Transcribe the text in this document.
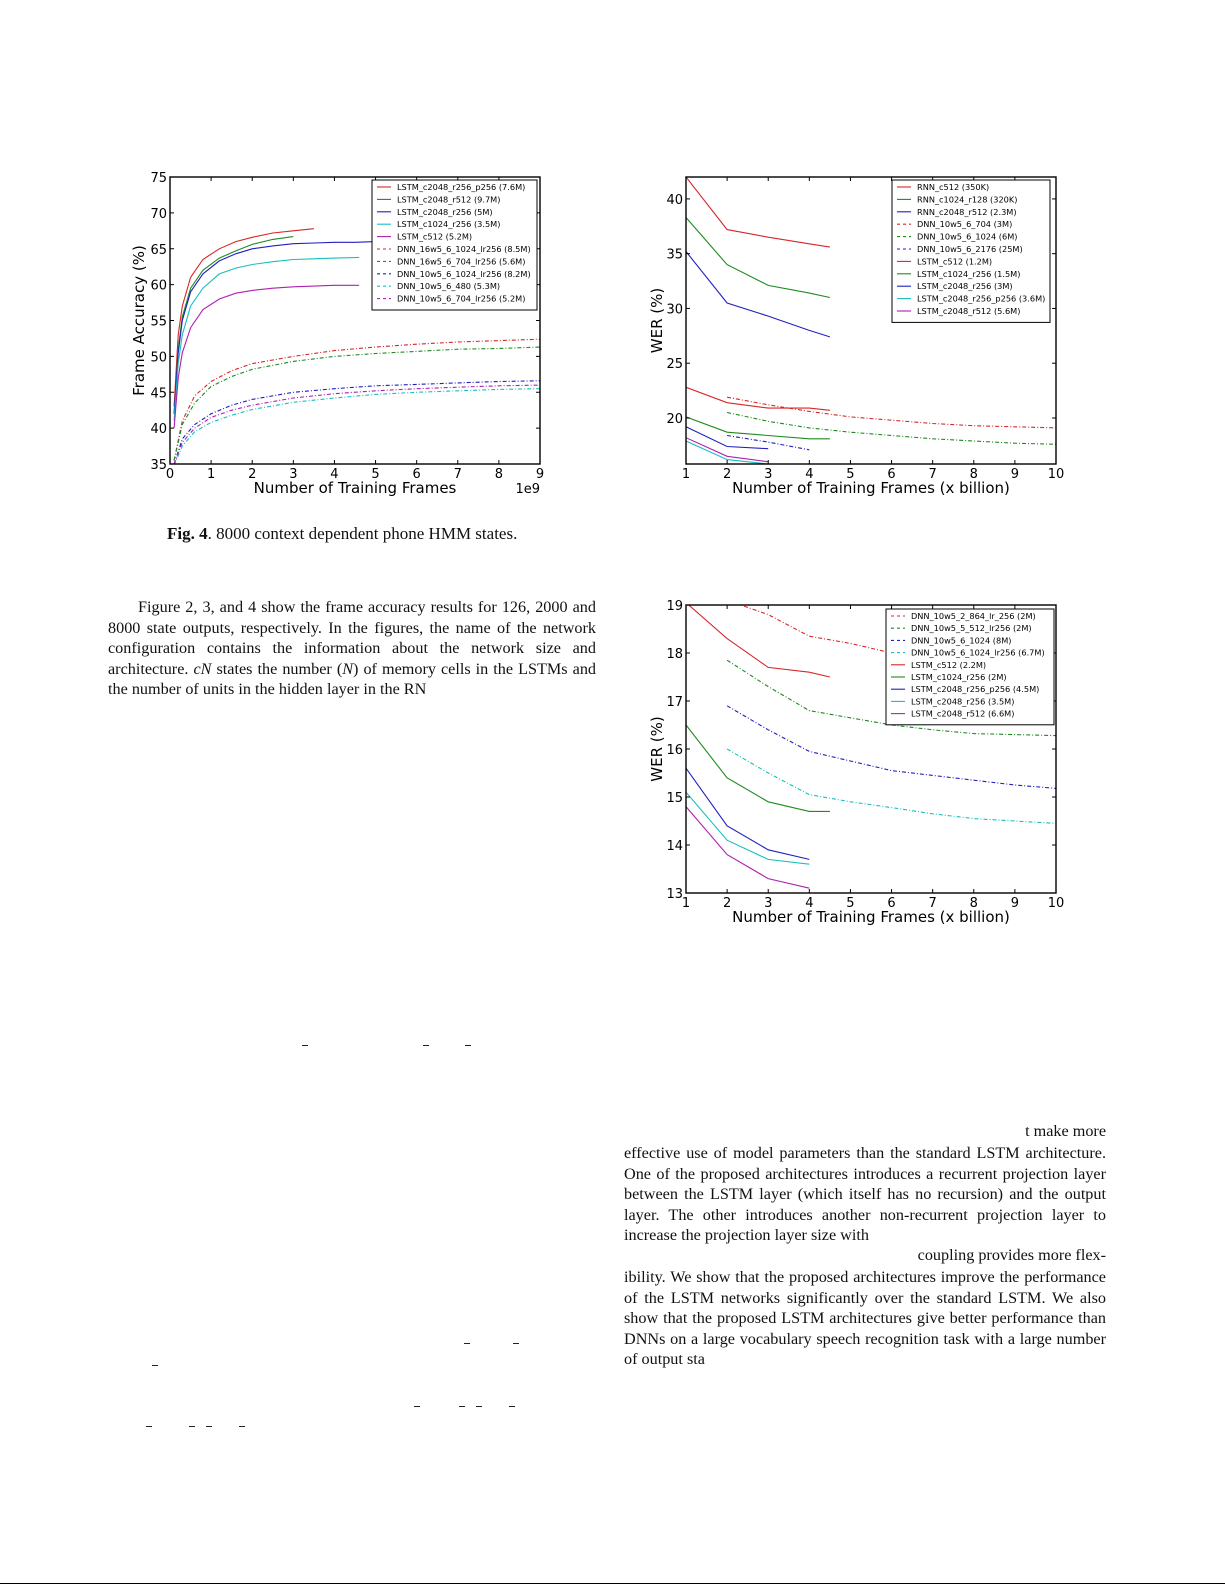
0	1	2	3	4	5	6	7	8	9
35
40
45
50
55
60
65
70
75
Number of Training Frames
Frame Accuracy (%)
1e9
LSTM_c2048_r256_p256 (7.6M)
LSTM_c2048_r512 (9.7M)
LSTM_c2048_r256 (5M)
LSTM_c1024_r256 (3.5M)
LSTM_c512 (5.2M)
DNN_16w5_6_1024_lr256 (8.5M)
DNN_16w5_6_704_lr256 (5.6M)
DNN_10w5_6_1024_lr256 (8.2M)
DNN_10w5_6_480 (5.3M)
DNN_10w5_6_704_lr256 (5.2M)
1	2	3	4	5	6	7	8	9 10
20
25
30
35
40
Number of Training Frames (x billion)
WER (%)
RNN_c512 (350K)
RNN_c1024_r128 (320K)
RNN_c2048_r512 (2.3M)
DNN_10w5_6_704 (3M)
DNN_10w5_6_1024 (6M)
DNN_10w5_6_2176 (25M)
LSTM_c512 (1.2M)
LSTM_c1024_r256 (1.5M)
LSTM_c2048_r256 (3M)
LSTM_c2048_r256_p256 (3.6M)
LSTM_c2048_r512 (5.6M)
Fig. 4. 8000 context dependent phone HMM states.
1	2	3	4	5	6	7	8	9 10
13
14
15
16
17
18
19
Number of Training Frames (x billion)
WER (%)
DNN_10w5_2_864_lr_256 (2M)
DNN_10w5_5_512_lr256 (2M)
DNN_10w5_6_1024 (8M)
DNN_10w5_6_1024_lr256 (6.7M)
LSTM_c512 (2.2M)
LSTM_c1024_r256 (2M)
LSTM_c2048_r256_p256 (4.5M)
LSTM_c2048_r256 (3.5M)
LSTM_c2048_r512 (6.6M)

Figure 2, 3, and 4 show the frame accuracy results for 126, 2000 and 8000 state outputs, respectively. In the figures, the name of the network configuration contains the information about the network size and architecture. cN states the number (N) of memory cells in the LSTMs and the number of units in the hidden layer in the RN

t make more

effective use of model parameters than the standard LSTM architecture. One of the proposed architectures introduces a recurrent projection layer between the LSTM layer (which itself has no recursion) and the output layer. The other introduces another non-recurrent projection layer to increase the projection layer size with

coupling provides more flex-

ibility. We show that the proposed architectures improve the performance of the LSTM networks significantly over the standard LSTM. We also show that the proposed LSTM architectures give better performance than DNNs on a large vocabulary speech recognition task with a large number of output sta
